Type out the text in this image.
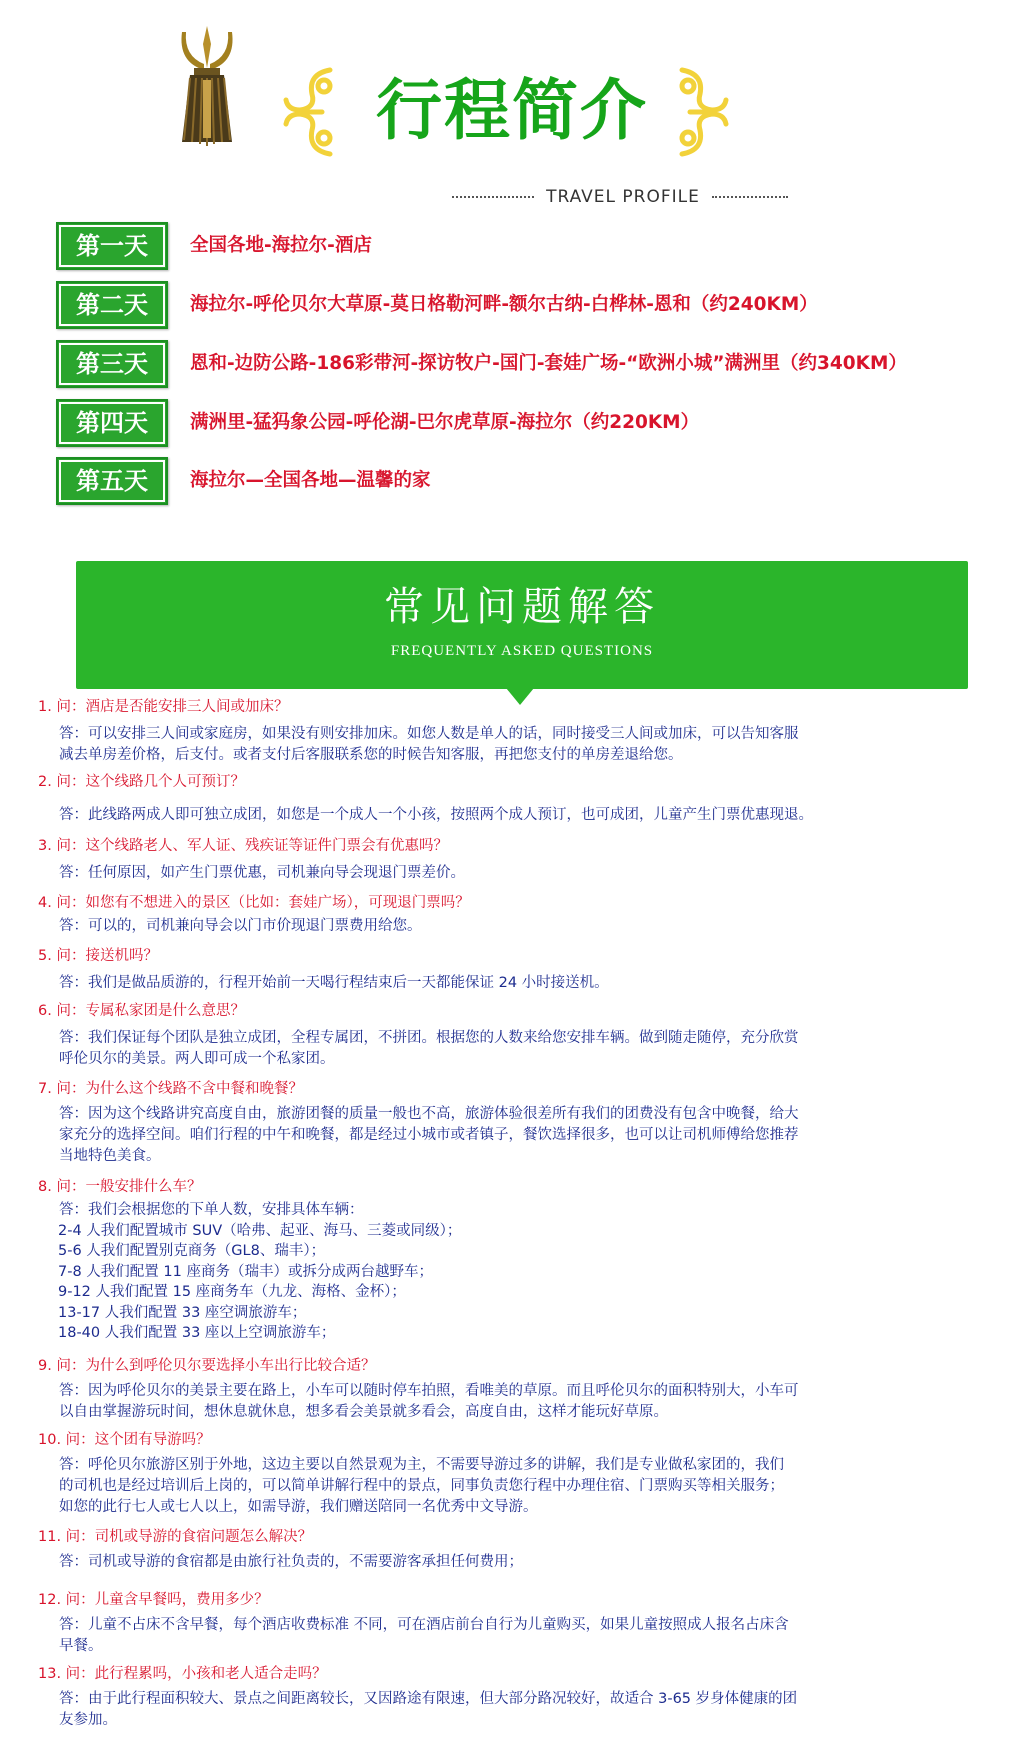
行程简介
TRAVEL PROFILE
第一天	全国各地-海拉尔-酒店
第二天	海拉尔-呼伦贝尔大草原-莫日格勒河畔-额尔古纳-白桦林-恩和（约240KM）
第三天	恩和-边防公路-186彩带河-探访牧户-国门-套娃广场-“欧洲小城”满洲里（约340KM）
第四天	满洲里-猛犸象公园-呼伦湖-巴尔虎草原-海拉尔（约220KM）
第五天	海拉尔—全国各地—温馨的家
常见问题解答
FREQUENTLY ASKED QUESTIONS
1. 问：酒店是否能安排三人间或加床？
答：可以安排三人间或家庭房，如果没有则安排加床。如您人数是单人的话，同时接受三人间或加床，可以告知客服
减去单房差价格，后支付。或者支付后客服联系您的时候告知客服，再把您支付的单房差退给您。
2. 问：这个线路几个人可预订？
答：此线路两成人即可独立成团，如您是一个成人一个小孩，按照两个成人预订，也可成团，儿童产生门票优惠现退。
3. 问：这个线路老人、军人证、残疾证等证件门票会有优惠吗？
答：任何原因，如产生门票优惠，司机兼向导会现退门票差价。
4. 问：如您有不想进入的景区（比如：套娃广场），可现退门票吗？
答：可以的，司机兼向导会以门市价现退门票费用给您。
5. 问：接送机吗？
答：我们是做品质游的，行程开始前一天喝行程结束后一天都能保证 24 小时接送机。
6. 问：专属私家团是什么意思？
答：我们保证每个团队是独立成团，全程专属团，不拼团。根据您的人数来给您安排车辆。做到随走随停，充分欣赏
呼伦贝尔的美景。两人即可成一个私家团。
7. 问：为什么这个线路不含中餐和晚餐？
答：因为这个线路讲究高度自由，旅游团餐的质量一般也不高，旅游体验很差所有我们的团费没有包含中晚餐，给大
家充分的选择空间。咱们行程的中午和晚餐，都是经过小城市或者镇子，餐饮选择很多，也可以让司机师傅给您推荐
当地特色美食。
8. 问：一般安排什么车？
答：我们会根据您的下单人数，安排具体车辆：
2-4 人我们配置城市 SUV（哈弗、起亚、海马、三菱或同级）；
5-6 人我们配置别克商务（GL8、瑞丰）；
7-8 人我们配置 11 座商务（瑞丰）或拆分成两台越野车；
9-12 人我们配置 15 座商务车（九龙、海格、金杯）；
13-17 人我们配置 33 座空调旅游车；
18-40 人我们配置 33 座以上空调旅游车；
9. 问：为什么到呼伦贝尔要选择小车出行比较合适？
答：因为呼伦贝尔的美景主要在路上，小车可以随时停车拍照，看唯美的草原。而且呼伦贝尔的面积特别大，小车可
以自由掌握游玩时间，想休息就休息，想多看会美景就多看会，高度自由，这样才能玩好草原。
10. 问：这个团有导游吗？
答：呼伦贝尔旅游区别于外地，这边主要以自然景观为主，不需要导游过多的讲解，我们是专业做私家团的，我们
的司机也是经过培训后上岗的，可以简单讲解行程中的景点，同事负责您行程中办理住宿、门票购买等相关服务；
如您的此行七人或七人以上，如需导游，我们赠送陪同一名优秀中文导游。
11. 问：司机或导游的食宿问题怎么解决？
答：司机或导游的食宿都是由旅行社负责的，不需要游客承担任何费用；
12. 问：儿童含早餐吗，费用多少？
答：儿童不占床不含早餐，每个酒店收费标准 不同，可在酒店前台自行为儿童购买，如果儿童按照成人报名占床含
早餐。
13. 问：此行程累吗，小孩和老人适合走吗？
答：由于此行程面积较大、景点之间距离较长，又因路途有限速，但大部分路况较好，故适合 3-65 岁身体健康的团
友参加。
